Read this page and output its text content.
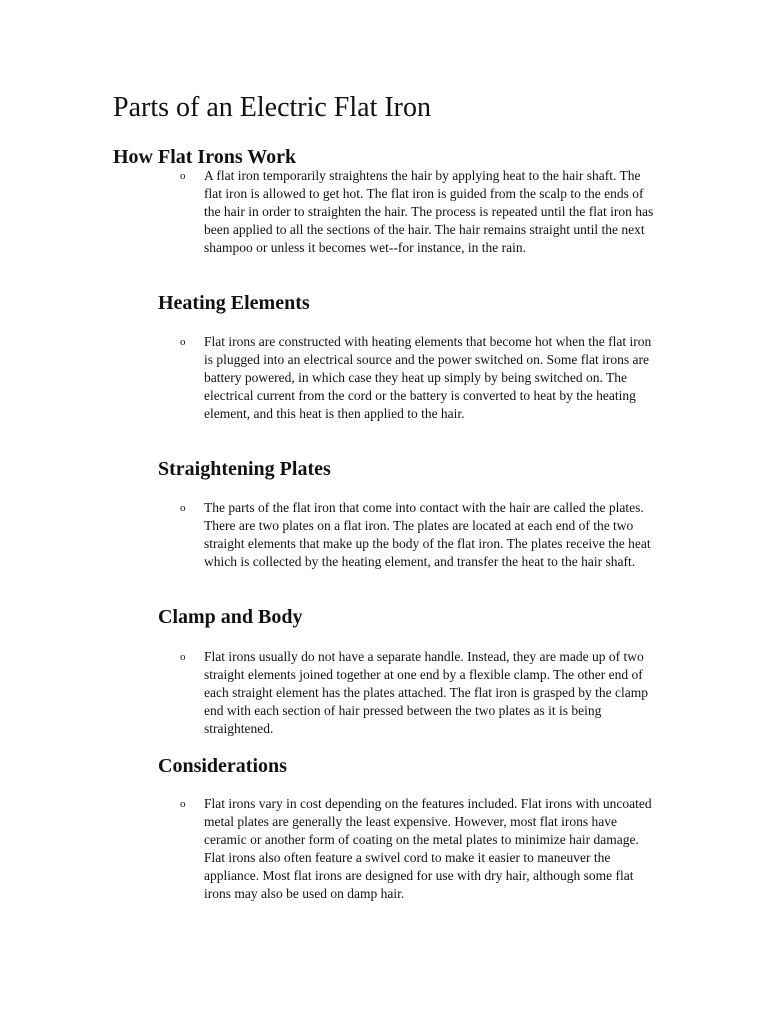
Parts of an Electric Flat Iron
How Flat Irons Work
o A flat iron temporarily straightens the hair by applying heat to the hair shaft. The flat iron is allowed to get hot. The flat iron is guided from the scalp to the ends of the hair in order to straighten the hair. The process is repeated until the flat iron has been applied to all the sections of the hair. The hair remains straight until the next shampoo or unless it becomes wet--for instance, in the rain.

Heating Elements
o Flat irons are constructed with heating elements that become hot when the flat iron is plugged into an electrical source and the power switched on. Some flat irons are battery powered, in which case they heat up simply by being switched on. The electrical current from the cord or the battery is converted to heat by the heating element, and this heat is then applied to the hair.

Straightening Plates
o The parts of the flat iron that come into contact with the hair are called the plates. There are two plates on a flat iron. The plates are located at each end of the two straight elements that make up the body of the flat iron. The plates receive the heat which is collected by the heating element, and transfer the heat to the hair shaft.

Clamp and Body
o Flat irons usually do not have a separate handle. Instead, they are made up of two straight elements joined together at one end by a flexible clamp. The other end of each straight element has the plates attached. The flat iron is grasped by the clamp end with each section of hair pressed between the two plates as it is being straightened.

Considerations
o Flat irons vary in cost depending on the features included. Flat irons with uncoated metal plates are generally the least expensive. However, most flat irons have ceramic or another form of coating on the metal plates to minimize hair damage. Flat irons also often feature a swivel cord to make it easier to maneuver the appliance. Most flat irons are designed for use with dry hair, although some flat irons may also be used on damp hair.
